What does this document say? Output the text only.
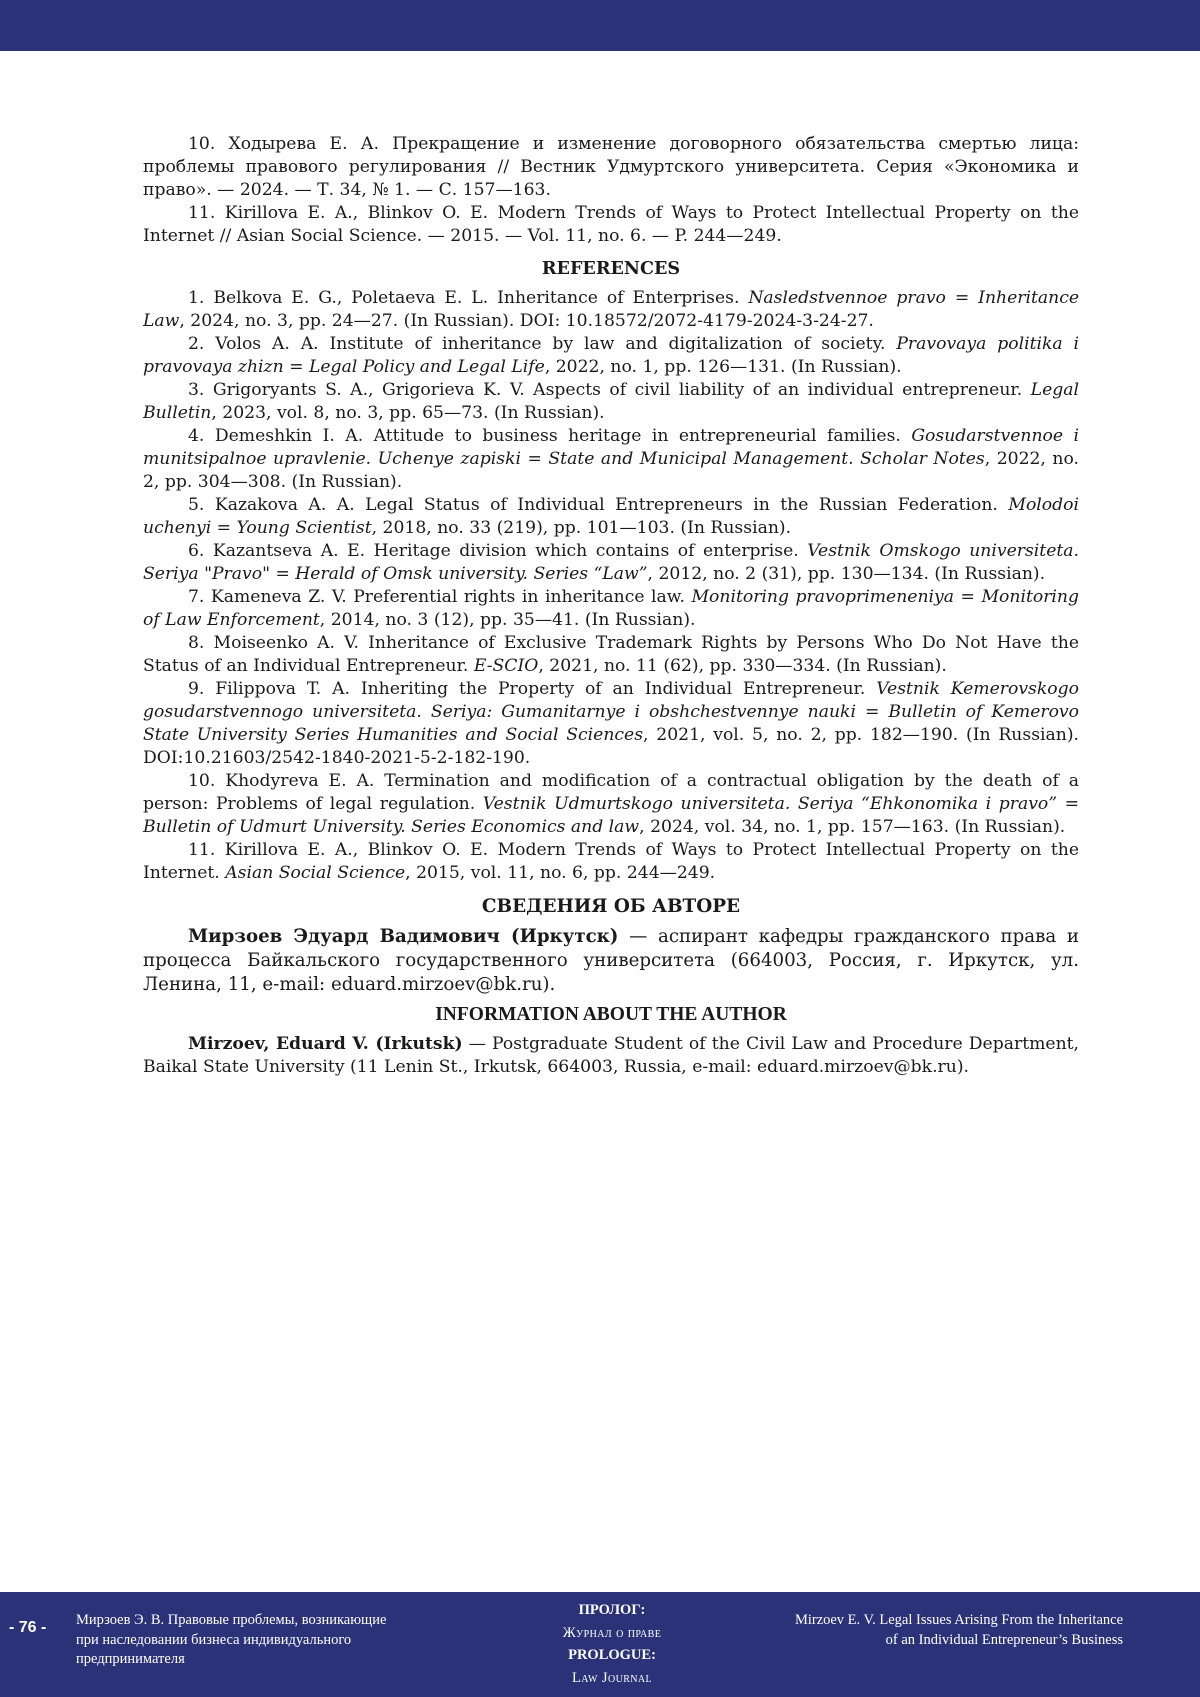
10. Ходырева Е. А. Прекращение и изменение договорного обязательства смертью лица: проблемы правового регулирования // Вестник Удмуртского университета. Серия «Экономика и право». — 2024. — Т. 34, № 1. — С. 157—163.

11. Kirillova E. A., Blinkov O. E. Modern Trends of Ways to Protect Intellectual Property on the Internet // Asian Social Science. — 2015. — Vol. 11, no. 6. — P. 244—249.

REFERENCES

1. Belkova E. G., Poletaeva E. L. Inheritance of Enterprises. Nasledstvennoe pravo = Inheritance Law, 2024, no. 3, pp. 24—27. (In Russian). DOI: 10.18572/2072-4179-2024-3-24-27.

2. Volos A. A. Institute of inheritance by law and digitalization of society. Pravovaya politika i pravovaya zhizn = Legal Policy and Legal Life, 2022, no. 1, pp. 126—131. (In Russian).

3. Grigoryants S. A., Grigorieva K. V. Aspects of civil liability of an individual entrepreneur. Legal Bulletin, 2023, vol. 8, no. 3, pp. 65—73. (In Russian).

4. Demeshkin I. A. Attitude to business heritage in entrepreneurial families. Gosudarstvennoe i munitsipalnoe upravlenie. Uchenye zapiski = State and Municipal Management. Scholar Notes, 2022, no. 2, pp. 304—308. (In Russian).

5. Kazakova A. A. Legal Status of Individual Entrepreneurs in the Russian Federation. Molodoi uchenyi = Young Scientist, 2018, no. 33 (219), pp. 101—103. (In Russian).

6. Kazantseva A. E. Heritage division which contains of enterprise. Vestnik Omskogo universiteta. Seriya "Pravo" = Herald of Omsk university. Series “Law”, 2012, no. 2 (31), pp. 130—134. (In Russian).

7. Kameneva Z. V. Preferential rights in inheritance law. Monitoring pravoprimeneniya = Monitoring of Law Enforcement, 2014, no. 3 (12), pp. 35—41. (In Russian).

8. Moiseenko A. V. Inheritance of Exclusive Trademark Rights by Persons Who Do Not Have the Status of an Individual Entrepreneur. E-SCIO, 2021, no. 11 (62), pp. 330—334. (In Russian).

9. Filippova T. A. Inheriting the Property of an Individual Entrepreneur. Vestnik Kemerovskogo gosudarstvennogo universiteta. Seriya: Gumanitarnye i obshchestvennye nauki = Bulletin of Kemerovo State University Series Humanities and Social Sciences, 2021, vol. 5, no. 2, pp. 182—190. (In Russian). DOI:10.21603/2542-1840-2021-5-2-182-190.

10. Khodyreva E. A. Termination and modification of a contractual obligation by the death of a person: Problems of legal regulation. Vestnik Udmurtskogo universiteta. Seriya “Ehkonomika i pravo” = Bulletin of Udmurt University. Series Economics and law, 2024, vol. 34, no. 1, pp. 157—163. (In Russian).

11. Kirillova E. A., Blinkov O. E. Modern Trends of Ways to Protect Intellectual Property on the Internet. Asian Social Science, 2015, vol. 11, no. 6, pp. 244—249.

СВЕДЕНИЯ ОБ АВТОРЕ

Мирзоев Эдуард Вадимович (Иркутск) — аспирант кафедры гражданского права и процесса Байкальского государственного университета (664003, Россия, г. Иркутск, ул. Ленина, 11, e-mail: eduard.mirzoev@bk.ru).

INFORMATION ABOUT THE AUTHOR

Mirzoev, Eduard V. (Irkutsk) — Postgraduate Student of the Civil Law and Procedure Department, Baikal State University (11 Lenin St., Irkutsk, 664003, Russia, e-mail: eduard.mirzoev@bk.ru).

- 76 - Мирзоев Э. В. Правовые проблемы, возникающие
при наследовании бизнеса индивидуального
предпринимателя
ПРОЛОГ:
Журнал о праве
PROLOGUE:
Law Journal
Mirzoev E. V. Legal Issues Arising From the Inheritance
of an Individual Entrepreneur’s Business
